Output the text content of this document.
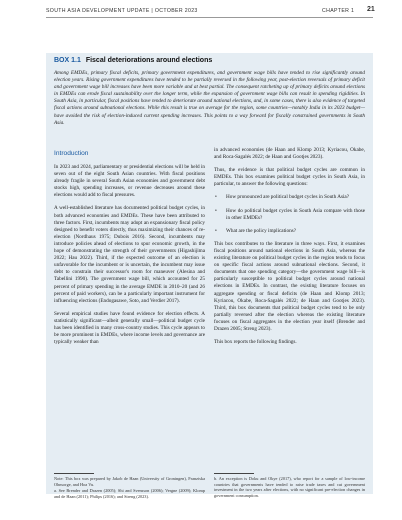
SOUTH ASIA DEVELOPMENT UPDATE | OCTOBER 2023	CHAPTER 1 21
BOX 1.1 Fiscal deteriorations around elections
Among EMDEs, primary fiscal deficits, primary government expenditures, and government wage bills have tended to rise significantly around election years. Rising government expenditures have tended to be partially reversed in the following year, post-election reversals of primary deficit and government wage bill increases have been more variable and at best partial. The consequent ratcheting up of primary deficits around elections in EMDEs can erode fiscal sustainability over the longer term, while the expansion of government wage bills can result in spending rigidities. In South Asia, in particular, fiscal positions have tended to deteriorate around national elections, and, in some cases, there is also evidence of targeted fiscal actions around subnational elections. While this result is true on average for the region, some countries—notably India in its 2023 budget—have avoided the risk of election-induced current spending increases. This points to a way forward for fiscally constrained governments in South Asia.
Introduction

In 2023 and 2024, parliamentary or presidential elections will be held in seven out of the eight South Asian countries. With fiscal positions already fragile in several South Asian economies and government debt stocks high, spending increases, or revenue decreases around these elections would add to fiscal pressures.

A well-established literature has documented political budget cycles, in both advanced economies and EMDEs. These have been attributed to three factors. First, incumbents may adopt an expansionary fiscal policy designed to benefit voters directly, thus maximizing their chances of re-election (Nordhaus 1975; Dubois 2016). Second, incumbents may introduce policies ahead of elections to spur economic growth, in the hope of demonstrating the strength of their governments (Higashijima 2022; Hau 2022). Third, if the expected outcome of an election is unfavorable for the incumbent or is uncertain, the incumbent may issue debt to constrain their successor's room for maneuver (Alesina and Tabellini 1990). The government wage bill, which accounted for 25 percent of primary spending in the average EMDE in 2010–20 (and 26 percent of paid workers), can be a particularly important instrument for influencing elections (Endogasawe, Soto, and Verdier 2017).

Several empirical studies have found evidence for election effects. A statistically significant—albeit generally small—political budget cycle has been identified in many cross-country studies. This cycle appears to be more prominent in EMDEs, where income levels and governance are typically weaker than

in advanced economies (de Haan and Klomp 2013; Kyriacou, Okabe, and Roca-Sagalés 2022; de Haan and Gootjes 2023).

Thus, the evidence is that political budget cycles are common in EMDEs. This box examines political budget cycles in South Asia, in particular, to answer the following questions:

• How pronounced are political budget cycles in South Asia?
• How do political budget cycles in South Asia compare with those in other EMDEs?
• What are the policy implications?

This box contributes to the literature in three ways. First, it examines fiscal positions around national elections in South Asia, whereas the existing literature on political budget cycles in the region tends to focus on specific fiscal actions around subnational elections. Second, it documents that one spending category—the government wage bill—is particularly susceptible to political budget cycles around national elections in EMDEs. In contrast, the existing literature focuses on aggregate spending or fiscal deficits (de Haan and Klomp 2013; Kyriacou, Okabe, Roca-Sagalés 2022; de Haan and Gootjes 2023). Third, this box documents that political budget cycles tend to be only partially reversed after the election whereas the existing literature focuses on fiscal aggregates in the election year itself (Brender and Drazen 2005; Streng 2023).

This box reports the following findings.

Note: This box was prepared by Jakob de Haan (University of Groningen), Franziska Ohnsorge, and Hoa Vu.

a. See Brender and Drazen (2005); Shi and Svensson (2006); Vergne (2009); Klomp and de Haan (2011); Philips (2016); and Streng (2023).

b. An exception is Doku and Okye (2017), who report for a sample of low-income countries that governments have tended to raise trade taxes and cut government investment in the two years after elections, with no significant pre-election changes in government consumption.
